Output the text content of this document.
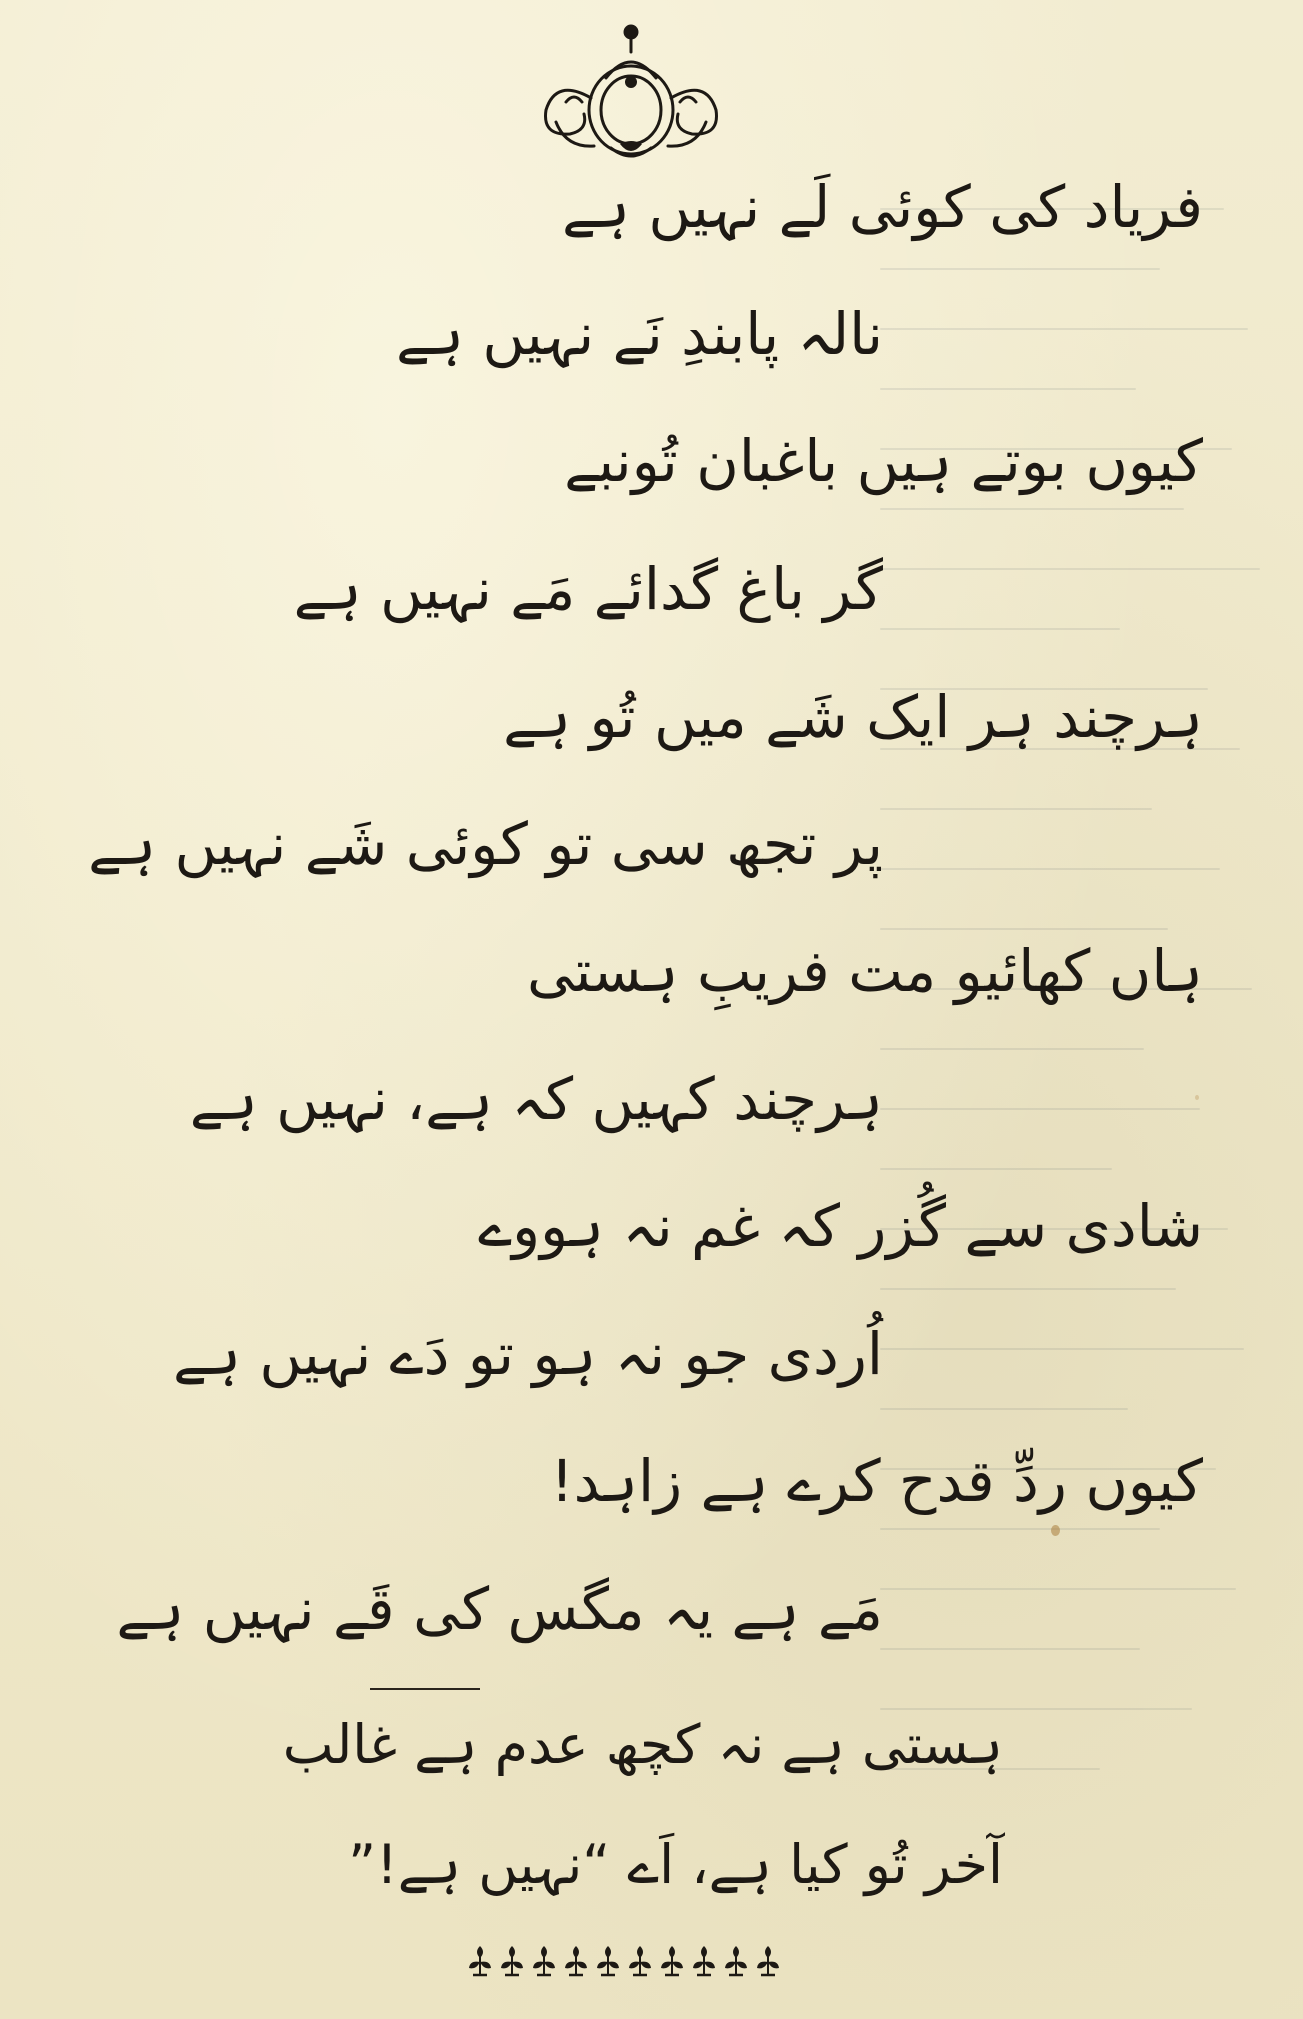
فریاد کی کوئی لَے نہیں ہے
نالہ پابندِ نَے نہیں ہے
کیوں بوتے ہیں باغبان تُونبے
گر باغ گدائے مَے نہیں ہے
ہرچند ہر ایک شَے میں تُو ہے
پر تجھ سی تو کوئی شَے نہیں ہے
ہاں کھائیو مت فریبِ ہستی
ہرچند کہیں کہ ہے، نہیں ہے
شادی سے گُزر کہ غم نہ ہووے
اُردی جو نہ ہو تو دَے نہیں ہے
کیوں ردِّ قدح کرے ہے زاہد!
مَے ہے یہ مگس کی قَے نہیں ہے
ہستی ہے نہ کچھ عدم ہے غالب
آخر تُو کیا ہے، اَے “نہیں ہے!”
